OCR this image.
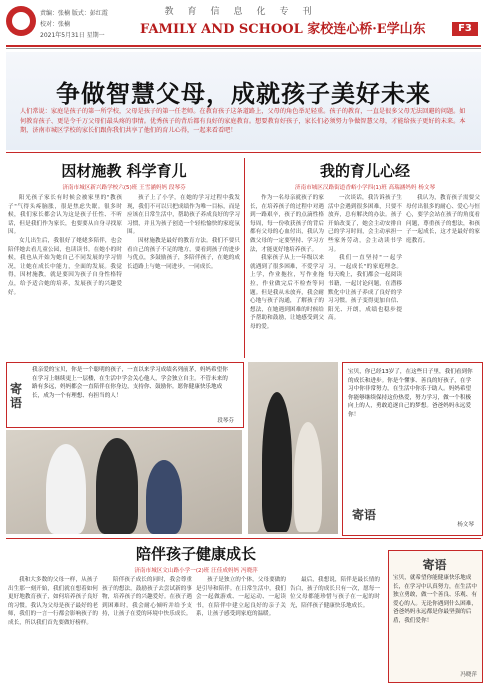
责编：张楠 版式：彭红霞
校对：张楠
2021年5月31日 星期一
教育信息化专刊
FAMILY AND SCHOOL 家校连心桥·E学山东	F3
争做智慧父母，成就孩子美好未来
人们常说：家庭是孩子的第一所学校，父母是孩子的第一任老师。在教育孩子这条道路上，父母的角色举足轻重。孩子的教育，一直是很多父母无法回避的问题。如何教育孩子、更是令千万父母们最头疼的事情。优秀孩子的背后都有良好的家庭教育。想要教育好孩子，家长们必须努力争做智慧父母，才能给孩子更好的未来。本期，济南市城区学校的家长们跟你我们共享了他们的育儿心得，一起来看看吧！
因材施教 科学育儿
济南市城区新兴路学校六(5)班 王雪涵妈妈 段琴芬

阳光孩子家长有时候会被家里的"教孩子"气得头疼脑胀，很是焦虑失眠。很多时候，我们家长都会认为这是孩子任性、不听话，但是我们作为家长，也要要从自身寻找原因。

女儿出生后，我很好了姥姥多陪伴，也会陪伴她去看儿童公园，也读读书。在她小的时候，我也从开始为她自己不同发展的学习情况，让她在成长中能力，全面的发展。我觉得，因材施教，就是要因为孩子自身性格特点，给予适合她的培养，发展孩子的兴趣爱好。

孩子上了小学，在她的学习过程中我发现，我们不可以只把成绩作为唯一目标，而是应该在日常生活中，帮助孩子养成良好的学习习惯，并且为孩子创造一个轻松愉快的家庭氛围。

因材施教是最好的教育方法。我们不要只看自己的孩子不足的地方，要看到孩子的进步与优点，多鼓励孩子，多陪伴孩子，在她的成长道路上与她一同进步，一同成长。

我的育儿心经
济南市城区汉路街道香峪小学四(1)班 高瑞涵妈妈 杨文琴

作为一名母亲就孩子的家长，在培养孩子的过程中对遇到一路艰辛，孩子的点滴性格每周，每一份收获孩子的背后都有父母的心血付出，我认为做父母的一定要坚持、学习方法，才能更好地培养孩子。

我家孩子从上一年级以来就遇到了很多困难，不爱学习上学，作业拖拉，写作业拖拉，作业做完后不检查等问题。但是我从未放弃，我会耐心地与孩子沟通，了解孩子的想法，在她遇到困难的时候给予帮助和鼓励，让她感受到父母的爱。

一次谈话，我告诉孩子生活中会遇到很多困难，只要不放弃，总有解决的办法。孩子开始改变了，她会主动安排自己的学习时间，会主动承担一些家务劳动，会主动读书学习。

我们一直坚持"一起学习，一起成长"的家庭理念。每天晚上，我们都会一起阅读书籍，一起讨论问题，在潜移默化中让孩子养成了良好的学习习惯。孩子变得更加自信、阳光、开朗，成绩也稳步提高。

我认为，教育孩子需要父母付出很多的耐心、爱心与恒心，要学会站在孩子的角度看问题，尊重孩子的想法，和孩子一起成长，这才是最好的家庭教育。

寄语
我亲爱的宝贝，你是一个聪明的孩子，一直以来学习成绩名列前茅，妈妈希望你在学习上继续更上一层楼，在生活中学会关心他人，学会独立自主。不管未来的路有多远，妈妈都会一直陪伴在你身边，支持你、鼓励你。愿你健康快乐地成长，成为一个有理想、有担当的人！
段琴芬
宝贝，你已经13岁了，在这些日子里，我们看到你的成长和进步。你是个懂事、善良的好孩子，在学习中你非常努力，在生活中你乐于助人。妈妈希望你能够继续保持这份热爱，努力学习，做一个积极向上的人，勇敢追逐自己的梦想。爸爸妈妈永远爱你！
寄语
杨文琴
陪伴孩子健康成长
济南市城区文山路小学一(2)班 汪佳成妈妈 冯晓萍

我和大多数的父母一样，从孩子出生那一刻开始，我们就在想着如何更好地教育孩子，如何培养孩子良好的习惯。我认为父母是孩子最好的老师，我们的一言一行都会影响孩子的成长，所以我们首先要做好榜样。

陪伴孩子成长的同时，我会尊重孩子的想法，鼓励孩子去尝试新的事物，培养孩子的兴趣爱好。在孩子遇到困难时，我会耐心倾听并给予支持，让孩子在爱的环境中快乐成长。

孩子是独立的个体，父母要做的是引导和陪伴。在日常生活中，我们会一起做游戏、一起运动、一起读书，在陪伴中建立起良好的亲子关系，让孩子感受到家庭的温暖。

最后，我想说，陪伴是最长情的告白，孩子的成长只有一次，愿每一位父母都能珍惜与孩子在一起的时光，陪伴孩子健康快乐地成长。

寄语
宝贝，就希望你能健康快乐地成长，在学习中认真努力，在生活中独立勇敢，做一个善良、乐观、有爱心的人。无论你遇到什么困难，爸爸妈妈永远都是你最坚强的后盾，我们爱你！
冯晓萍
